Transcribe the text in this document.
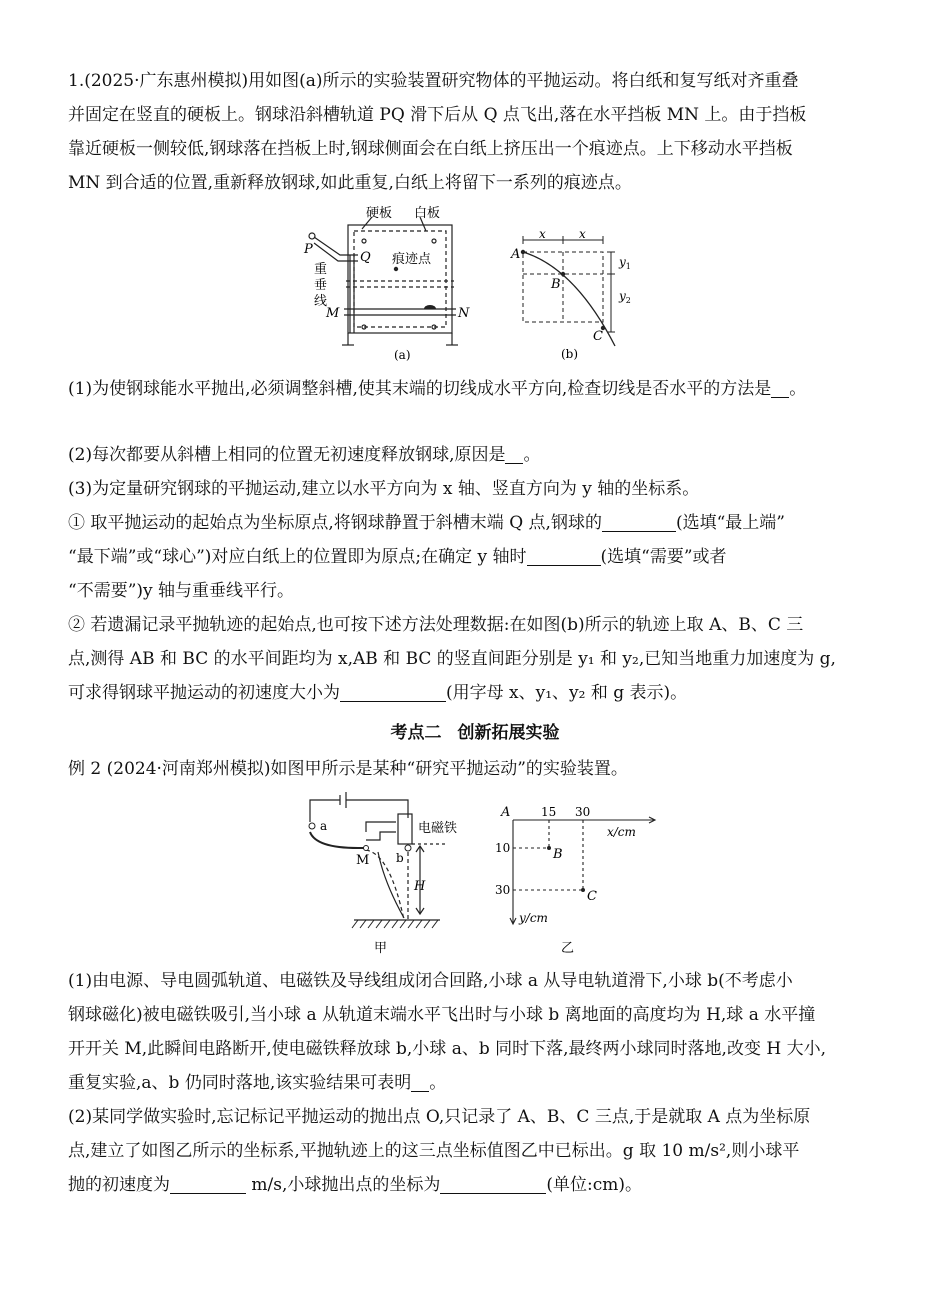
1.(2025·广东惠州模拟)用如图(a)所示的实验装置研究物体的平抛运动。将白纸和复写纸对齐重叠
并固定在竖直的硬板上。钢球沿斜槽轨道 PQ 滑下后从 Q 点飞出,落在水平挡板 MN 上。由于挡板
靠近硬板一侧较低,钢球落在挡板上时,钢球侧面会在白纸上挤压出一个痕迹点。上下移动水平挡板
MN 到合适的位置,重新释放钢球,如此重复,白纸上将留下一系列的痕迹点。
硬板 白板
痕迹点
重
垂
线
P
Q
M	N
(a)
x	x
$y_1$
$y_2$
A
B
C
(b)
(1)为使钢球能水平抛出,必须调整斜槽,使其末端的切线成水平方向,检查切线是否水平的方法是 。
(2)每次都要从斜槽上相同的位置无初速度释放钢球,原因是 。
(3)为定量研究钢球的平抛运动,建立以水平方向为 x 轴、竖直方向为 y 轴的坐标系。
① 取平抛运动的起始点为坐标原点,将钢球静置于斜槽末端 Q 点,钢球的	(选填“最上端”
“最下端”或“球心”)对应白纸上的位置即为原点;在确定 y 轴时	(选填“需要”或者
“不需要”)y 轴与重垂线平行。
② 若遗漏记录平抛轨迹的起始点,也可按下述方法处理数据:在如图(b)所示的轨迹上取 A、B、C 三
点,测得 AB 和 BC 的水平间距均为 x,AB 和 BC 的竖直间距分别是 y₁ 和 y₂,已知当地重力加速度为 g,
可求得钢球平抛运动的初速度大小为	(用字母 x、y₁、y₂ 和 g 表示)。
考点二 创新拓展实验
例 2 (2024·河南郑州模拟)如图甲所示是某种“研究平抛运动”的实验装置。
a
b
M
H
电磁铁
甲
A
B
C
15 30
10
30
x/cm
y/cm
乙
(1)由电源、导电圆弧轨道、电磁铁及导线组成闭合回路,小球 a 从导电轨道滑下,小球 b(不考虑小
钢球磁化)被电磁铁吸引,当小球 a 从轨道末端水平飞出时与小球 b 离地面的高度均为 H,球 a 水平撞
开开关 M,此瞬间电路断开,使电磁铁释放球 b,小球 a、b 同时下落,最终两小球同时落地,改变 H 大小,
重复实验,a、b 仍同时落地,该实验结果可表明 。
(2)某同学做实验时,忘记标记平抛运动的抛出点 O,只记录了 A、B、C 三点,于是就取 A 点为坐标原
点,建立了如图乙所示的坐标系,平抛轨迹上的这三点坐标值图乙中已标出。g 取 10 m/s²,则小球平
抛的初速度为	m/s,小球抛出点的坐标为	(单位:cm)。
